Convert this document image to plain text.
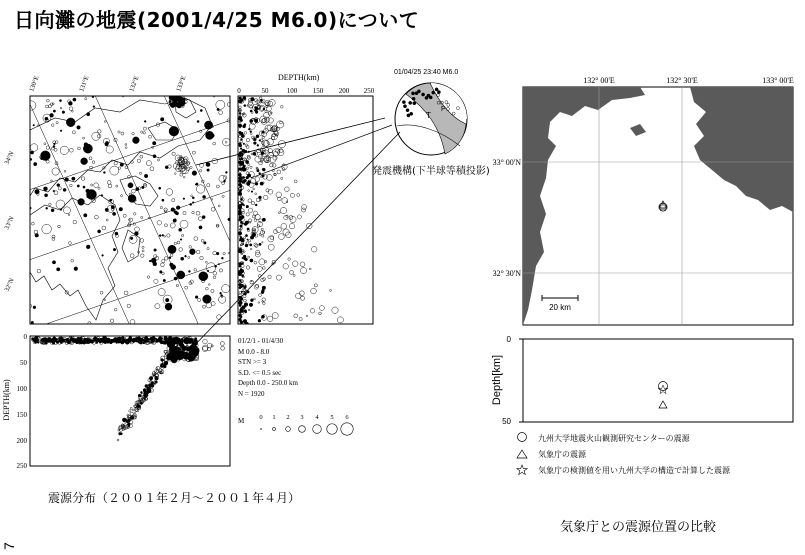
日向灘の地震(2001/4/25 M6.0)について
130°E	131°E	132°E	133°E
34°N
33°N
32°N
DEPTH(km)
0	50	100 150 200 250
0
50
100
150
200
250
DEPTH(km)
01/04/25 23:40 M6.0
T
P
0 1 2 3 4 5 6
M
132° 00'E	132° 30'E	133° 00'E
33° 00'N
32° 30'N
20 km
0
50
Depth[km]
7
01/2/1 - 01/4/30
M 0.0 - 8.0
STN >= 3
S.D. <= 0.5 sec
Depth 0.0 - 250.0 km
N = 1920
発震機構(下半球等積投影)
震源分布（２００１年２月〜２００１年４月）
九州大学地震火山観測研究センターの震源
気象庁の震源
気象庁の検測値を用い九州大学の構造で計算した震源
気象庁との震源位置の比較
